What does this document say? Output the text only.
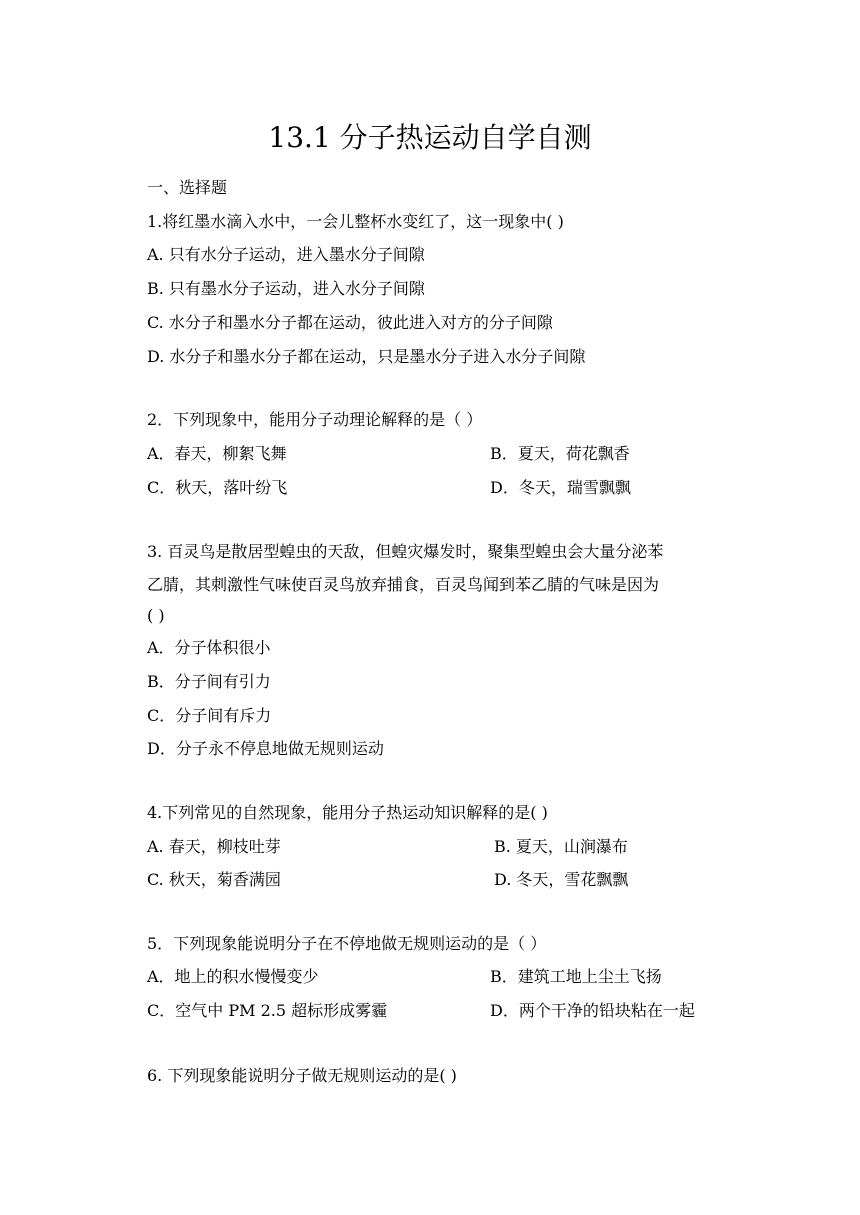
13.1 分子热运动自学自测
一、选择题
1.将红墨水滴入水中，一会儿整杯水变红了，这一现象中( )
A. 只有水分子运动，进入墨水分子间隙
B. 只有墨水分子运动，进入水分子间隙
C. 水分子和墨水分子都在运动，彼此进入对方的分子间隙
D. 水分子和墨水分子都在运动，只是墨水分子进入水分子间隙
2．下列现象中，能用分子动理论解释的是（ ）
A．春天，柳絮飞舞	B．夏天，荷花飘香
C．秋天，落叶纷飞	D．冬天，瑞雪飘飘
3. 百灵鸟是散居型蝗虫的天敌，但蝗灾爆发时，聚集型蝗虫会大量分泌苯
乙腈，其刺激性气味使百灵鸟放弃捕食，百灵鸟闻到苯乙腈的气味是因为
( )
A．分子体积很小
B．分子间有引力
C．分子间有斥力
D．分子永不停息地做无规则运动
4.下列常见的自然现象，能用分子热运动知识解释的是( )
A. 春天，柳枝吐芽	B. 夏天，山涧瀑布
C. 秋天，菊香满园	D. 冬天，雪花飘飘
5．下列现象能说明分子在不停地做无规则运动的是（ ）
A．地上的积水慢慢变少	B．建筑工地上尘土飞扬
C．空气中 PM 2.5 超标形成雾霾	D．两个干净的铅块粘在一起
6. 下列现象能说明分子做无规则运动的是( )
